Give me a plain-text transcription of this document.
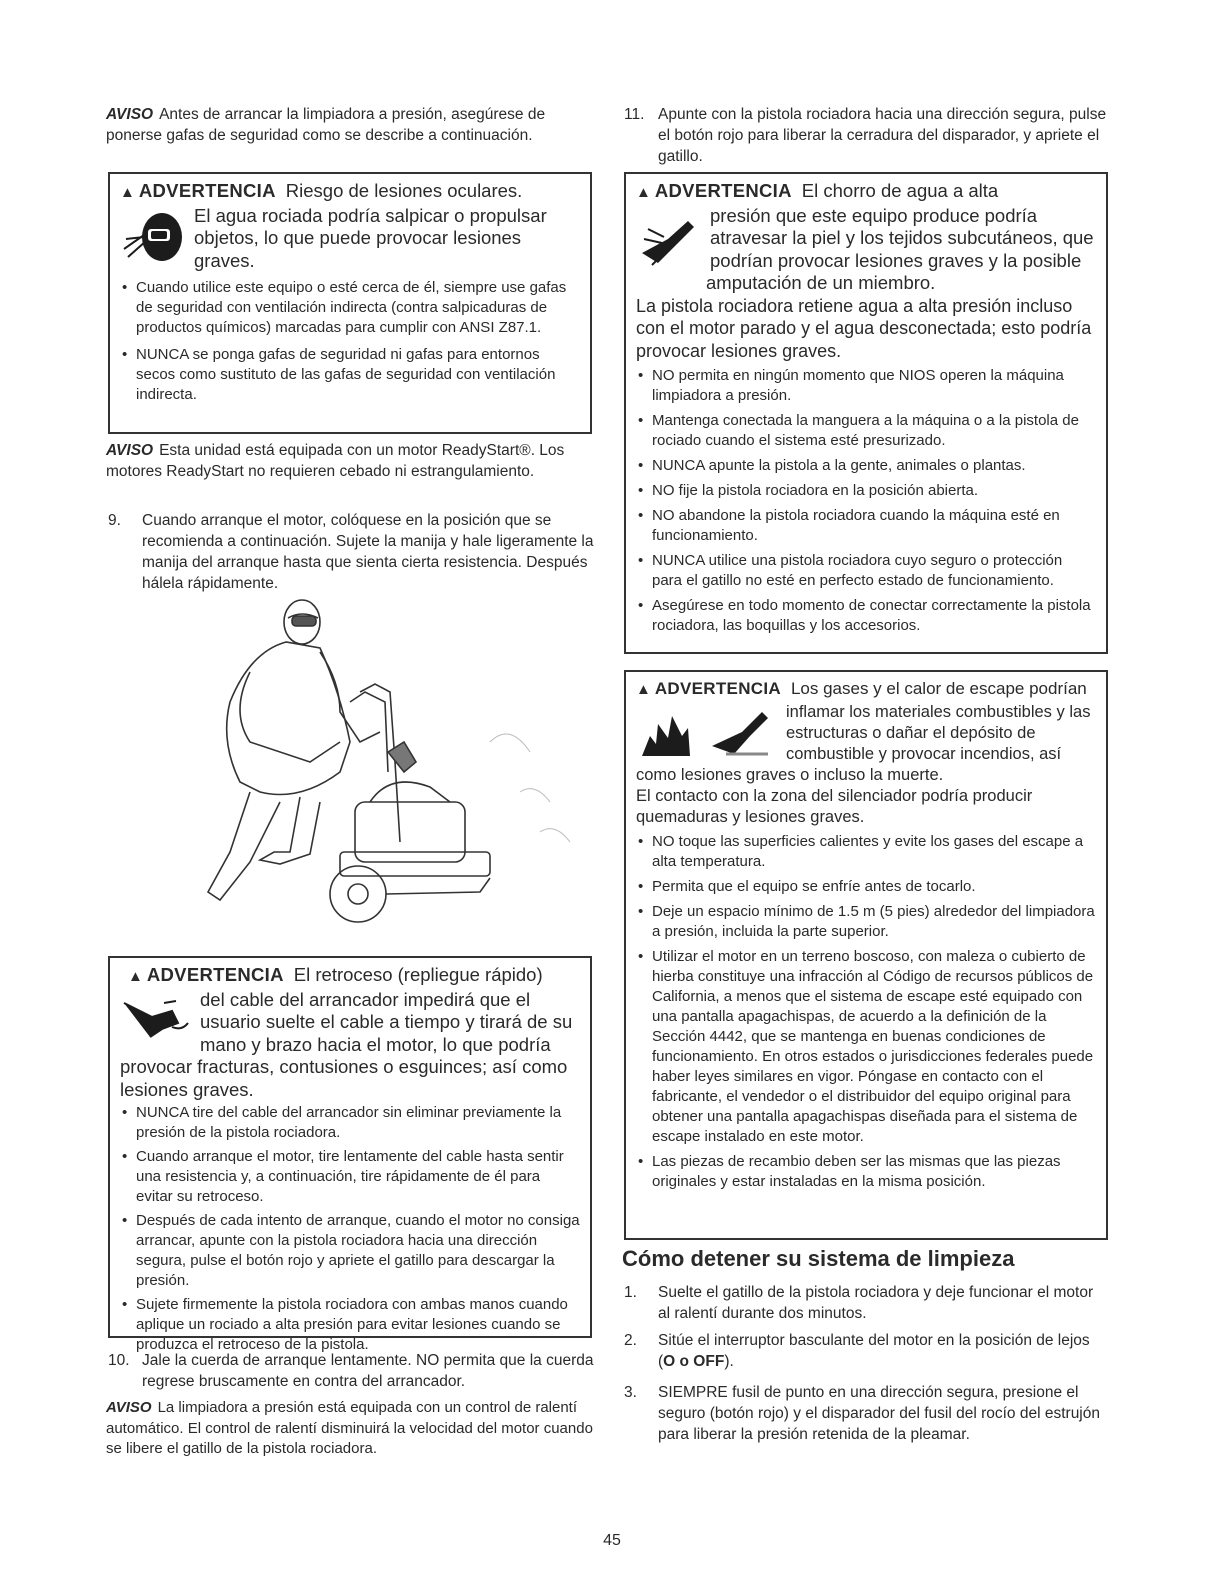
AVISO Antes de arrancar la limpiadora a presión, asegúrese de ponerse gafas de seguridad como se describe a continuación.

▲ ADVERTENCIA Riesgo de lesiones oculares.
El agua rociada podría salpicar o propulsar objetos, lo que puede provocar lesiones graves.
• Cuando utilice este equipo o esté cerca de él, siempre use gafas de seguridad con ventilación indirecta (contra salpicaduras de productos químicos) marcadas para cumplir con ANSI Z87.1.
• NUNCA se ponga gafas de seguridad ni gafas para entornos secos como sustituto de las gafas de seguridad con ventilación indirecta.

AVISO Esta unidad está equipada con un motor ReadyStart®. Los motores ReadyStart no requieren cebado ni estrangulamiento.

9. Cuando arranque el motor, colóquese en la posición que se recomienda a continuación. Sujete la manija y hale ligeramente la manija del arranque hasta que sienta cierta resistencia. Después hálela rápidamente.
▲ ADVERTENCIA El retroceso (repliegue rápido)
del cable del arrancador impedirá que el usuario suelte el cable a tiempo y tirará de su mano y brazo hacia el motor, lo que podría provocar fracturas, contusiones o esguinces; así como lesiones graves.
• NUNCA tire del cable del arrancador sin eliminar previamente la presión de la pistola rociadora.
• Cuando arranque el motor, tire lentamente del cable hasta sentir una resistencia y, a continuación, tire rápidamente de él para evitar su retroceso.
• Después de cada intento de arranque, cuando el motor no consiga arrancar, apunte con la pistola rociadora hacia una dirección segura, pulse el botón rojo y apriete el gatillo para descargar la presión.
• Sujete firmemente la pistola rociadora con ambas manos cuando aplique un rociado a alta presión para evitar lesiones cuando se produzca el retroceso de la pistola.
10. Jale la cuerda de arranque lentamente. NO permita que la cuerda regrese bruscamente en contra del arrancador.

AVISO La limpiadora a presión está equipada con un control de ralentí automático. El control de ralentí disminuirá la velocidad del motor cuando se libere el gatillo de la pistola rociadora.

11. Apunte con la pistola rociadora hacia una dirección segura, pulse el botón rojo para liberar la cerradura del disparador, y apriete el gatillo.
▲ ADVERTENCIA El chorro de agua a alta
presión que este equipo produce podría atravesar la piel y los tejidos subcutáneos, que podrían provocar lesiones graves y la posible amputación de un miembro.
La pistola rociadora retiene agua a alta presión incluso con el motor parado y el agua desconectada; esto podría provocar lesiones graves.
• NO permita en ningún momento que NIOS operen la máquina limpiadora a presión.
• Mantenga conectada la manguera a la máquina o a la pistola de rociado cuando el sistema esté presurizado.
• NUNCA apunte la pistola a la gente, animales o plantas.
• NO fije la pistola rociadora en la posición abierta.
• NO abandone la pistola rociadora cuando la máquina esté en funcionamiento.
• NUNCA utilice una pistola rociadora cuyo seguro o protección para el gatillo no esté en perfecto estado de funcionamiento.
• Asegúrese en todo momento de conectar correctamente la pistola rociadora, las boquillas y los accesorios.
▲ ADVERTENCIA Los gases y el calor de escape podrían
inflamar los materiales combustibles y las estructuras o dañar el depósito de combustible y provocar incendios, así como lesiones graves o incluso la muerte.
El contacto con la zona del silenciador podría producir quemaduras y lesiones graves.
• NO toque las superficies calientes y evite los gases del escape a alta temperatura.
• Permita que el equipo se enfríe antes de tocarlo.
• Deje un espacio mínimo de 1.5 m (5 pies) alrededor del limpiadora a presión, incluida la parte superior.
• Utilizar el motor en un terreno boscoso, con maleza o cubierto de hierba constituye una infracción al Código de recursos públicos de California, a menos que el sistema de escape esté equipado con una pantalla apagachispas, de acuerdo a la definición de la Sección 4442, que se mantenga en buenas condiciones de funcionamiento. En otros estados o jurisdicciones federales puede haber leyes similares en vigor. Póngase en contacto con el fabricante, el vendedor o el distribuidor del equipo original para obtener una pantalla apagachispas diseñada para el sistema de escape instalado en este motor.
• Las piezas de recambio deben ser las mismas que las piezas originales y estar instaladas en la misma posición.
Cómo detener su sistema de limpieza
1. Suelte el gatillo de la pistola rociadora y deje funcionar el motor al ralentí durante dos minutos.
2. Sitúe el interruptor basculante del motor en la posición de lejos (O o OFF).
3. SIEMPRE fusil de punto en una dirección segura, presione el seguro (botón rojo) y el disparador del fusil del rocío del estrujón para liberar la presión retenida de la pleamar.
45
